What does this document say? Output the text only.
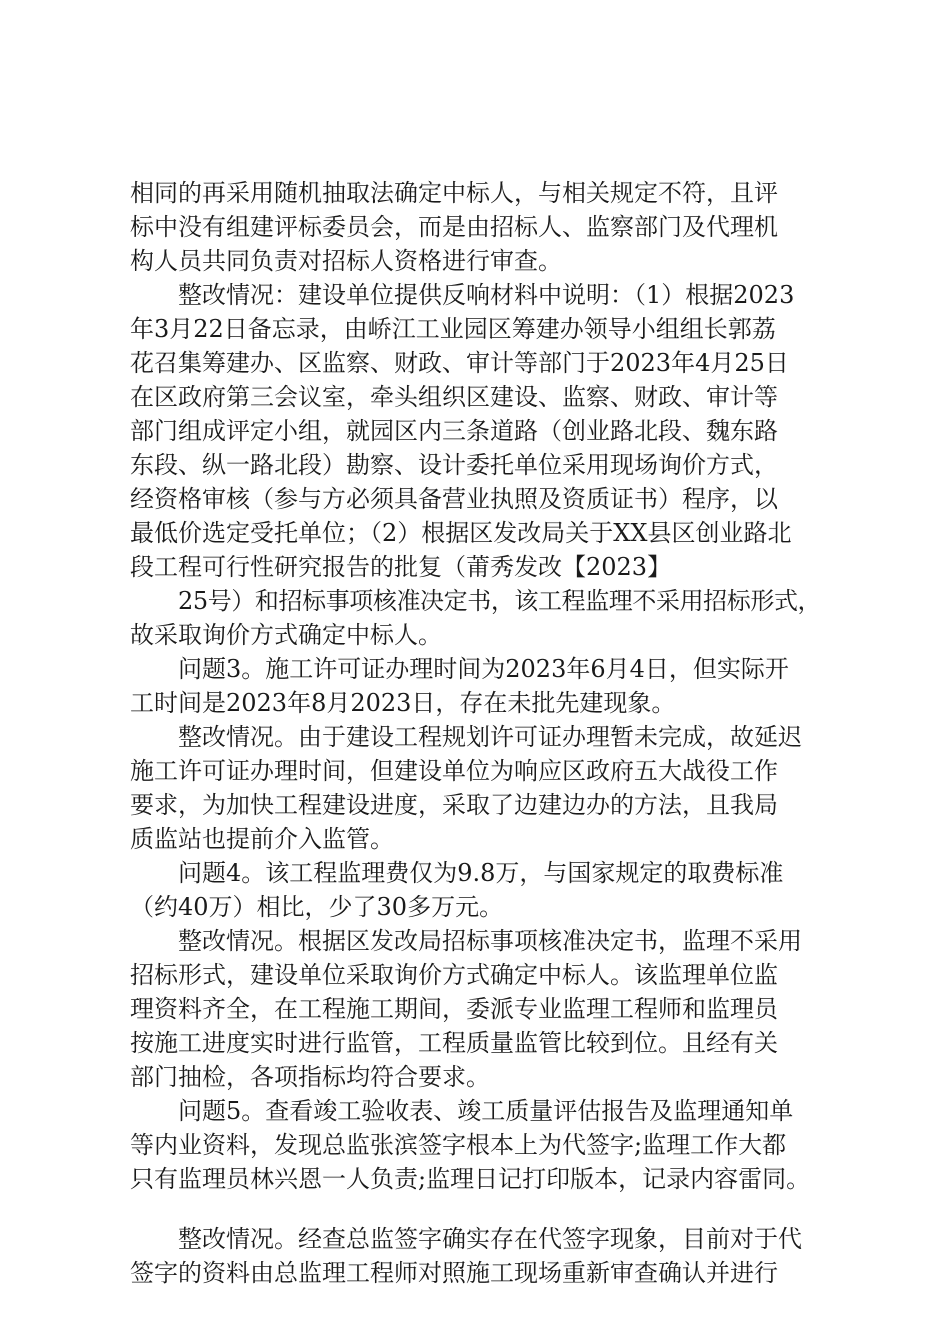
相同的再采用随机抽取法确定中标人，与相关规定不符，且评
标中没有组建评标委员会，而是由招标人、监察部门及代理机
构人员共同负责对招标人资格进行审查。
整改情况：建设单位提供反响材料中说明：（1）根据2023
年3月22日备忘录，由峤江工业园区筹建办领导小组组长郭荔
花召集筹建办、区监察、财政、审计等部门于2023年4月25日
在区政府第三会议室，牵头组织区建设、监察、财政、审计等
部门组成评定小组，就园区内三条道路（创业路北段、魏东路
东段、纵一路北段）勘察、设计委托单位采用现场询价方式，
经资格审核（参与方必须具备营业执照及资质证书）程序，以
最低价选定受托单位；（2）根据区发改局关于XX县区创业路北
段工程可行性研究报告的批复（莆秀发改【2023】
25号）和招标事项核准决定书，该工程监理不采用招标形式，
故采取询价方式确定中标人。
问题3。施工许可证办理时间为2023年6月4日，但实际开
工时间是2023年8月2023日，存在未批先建现象。
整改情况。由于建设工程规划许可证办理暂未完成，故延迟
施工许可证办理时间，但建设单位为响应区政府五大战役工作
要求，为加快工程建设进度，采取了边建边办的方法，且我局
质监站也提前介入监管。
问题4。该工程监理费仅为9.8万，与国家规定的取费标准
（约40万）相比，少了30多万元。
整改情况。根据区发改局招标事项核准决定书，监理不采用
招标形式，建设单位采取询价方式确定中标人。该监理单位监
理资料齐全，在工程施工期间，委派专业监理工程师和监理员
按施工进度实时进行监管，工程质量监管比较到位。且经有关
部门抽检，各项指标均符合要求。
问题5。查看竣工验收表、竣工质量评估报告及监理通知单
等内业资料，发现总监张滨签字根本上为代签字;监理工作大都
只有监理员林兴恩一人负责;监理日记打印版本，记录内容雷同。
整改情况。经查总监签字确实存在代签字现象，目前对于代
签字的资料由总监理工程师对照施工现场重新审查确认并进行
